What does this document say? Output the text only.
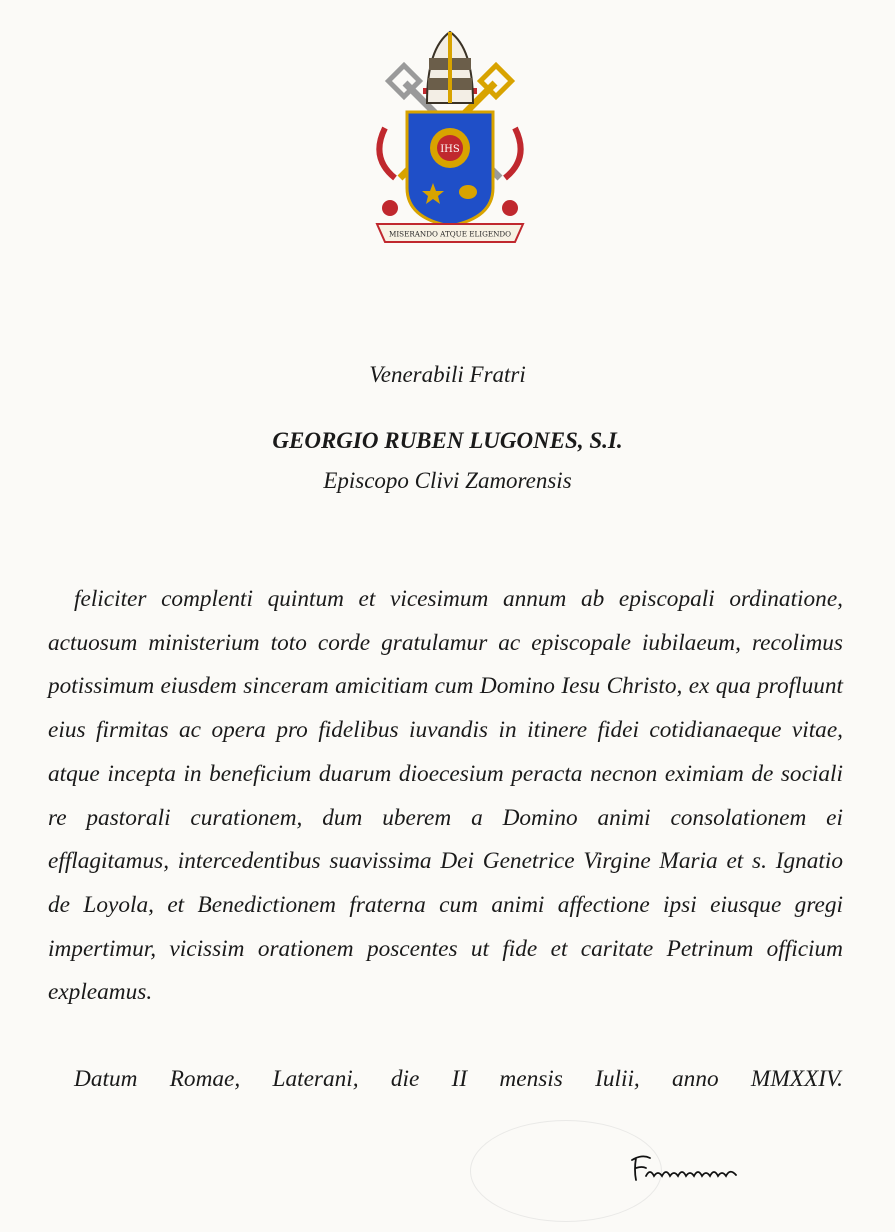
IHS
MISERANDO ATQUE ELIGENDO
Venerabili Fratri
GEORGIO RUBEN LUGONES, S.I.
Episcopo Clivi Zamorensis

feliciter complenti quintum et vicesimum annum ab episcopali ordinatione, actuosum ministerium toto corde gratulamur ac episcopale iubilaeum, recolimus potissimum eiusdem sinceram amicitiam cum Domino Iesu Christo, ex qua profluunt eius firmitas ac opera pro fidelibus iuvandis in itinere fidei cotidianaeque vitae, atque incepta in beneficium duarum dioecesium peracta necnon eximiam de sociali re pastorali curationem, dum uberem a Domino animi consolationem ei efflagitamus, intercedentibus suavissima Dei Genetrice Virgine Maria et s. Ignatio de Loyola, et Benedictionem fraterna cum animi affectione ipsi eiusque gregi impertimur, vicissim orationem poscentes ut fide et caritate Petrinum officium expleamus.

Datum Romae, Laterani, die II mensis Iulii, anno MMXXIV.
